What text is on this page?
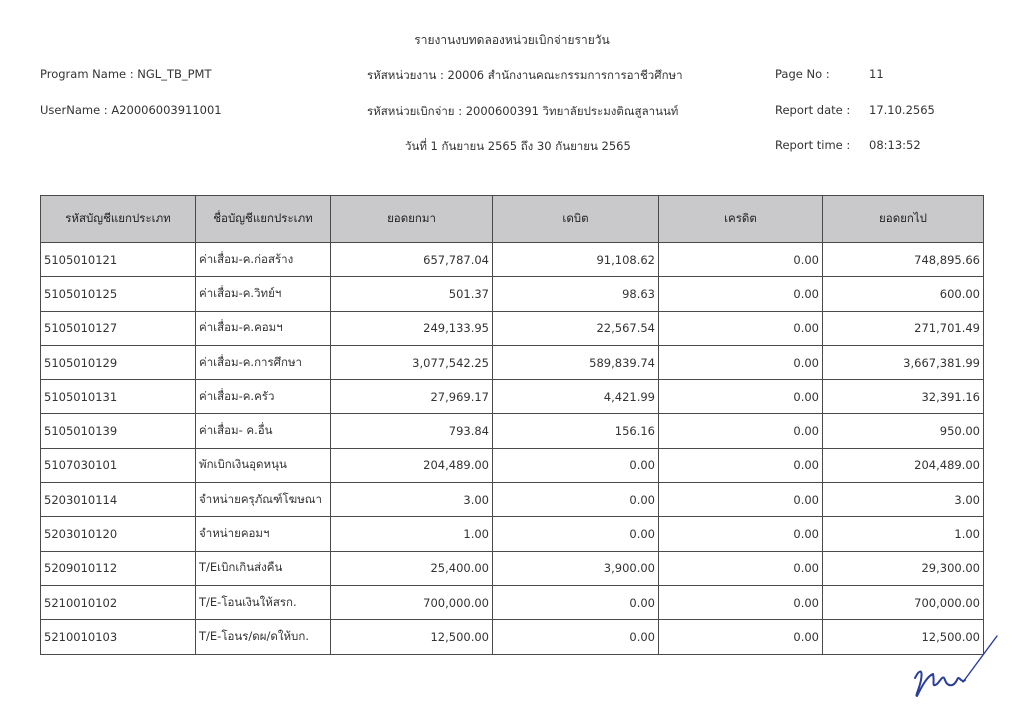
รายงานงบทดลองหน่วยเบิกจ่ายรายวัน
Program Name : NGL_TB_PMT
UserName : A20006003911001
รหัสหน่วยงาน : 20006 สำนักงานคณะกรรมการการอาชีวศึกษา
รหัสหน่วยเบิกจ่าย : 2000600391 วิทยาลัยประมงติณสูลานนท์
วันที่ 1 กันยายน 2565 ถึง 30 กันยายน 2565
Page No :	11
Report date : 17.10.2565
Report time : 08:13:52
รหัสบัญชีแยกประเภท	ชื่อบัญชีแยกประเภท	ยอดยกมา	เดบิต	เครดิต	ยอดยกไป
5105010121	ค่าเสื่อม-ค.ก่อสร้าง	657,787.04	91,108.62	0.00	748,895.66
5105010125	ค่าเสื่อม-ค.วิทย์ฯ	501.37	98.63	0.00	600.00
5105010127	ค่าเสื่อม-ค.คอมฯ	249,133.95	22,567.54	0.00	271,701.49
5105010129	ค่าเสื่อม-ค.การศึกษา	3,077,542.25	589,839.74	0.00	3,667,381.99
5105010131	ค่าเสื่อม-ค.ครัว	27,969.17	4,421.99	0.00	32,391.16
5105010139	ค่าเสื่อม- ค.อื่น	793.84	156.16	0.00	950.00
5107030101	พักเบิกเงินอุดหนุน	204,489.00	0.00	0.00	204,489.00
5203010114	จำหน่ายครุภัณฑ์โฆษณา	3.00	0.00	0.00	3.00
5203010120	จำหน่ายคอมฯ	1.00	0.00	0.00	1.00
5209010112	T/Eเบิกเกินส่งคืน	25,400.00	3,900.00	0.00	29,300.00
5210010102	T/E-โอนเงินให้สรก.	700,000.00	0.00	0.00	700,000.00
5210010103	T/E-โอนร/ดผ/ดให้บก.	12,500.00	0.00	0.00	12,500.00
